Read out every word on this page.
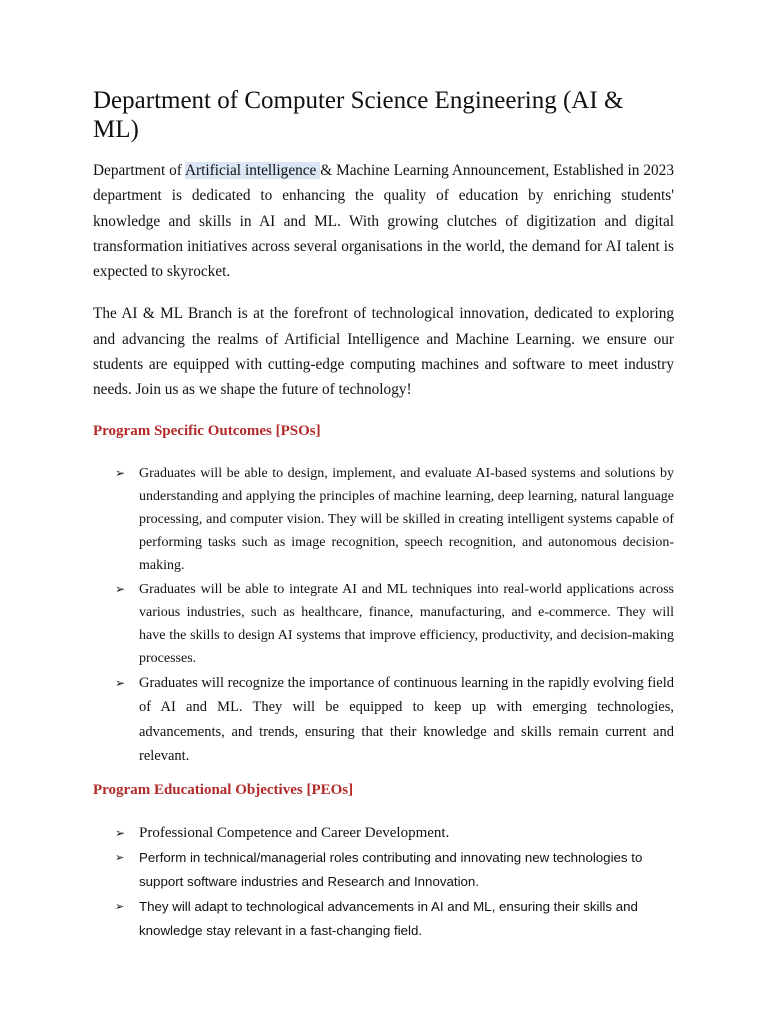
Department of Computer Science Engineering (AI & ML)

Department of Artificial intelligence & Machine Learning Announcement, Established in 2023 department is dedicated to enhancing the quality of education by enriching students' knowledge and skills in AI and ML. With growing clutches of digitization and digital transformation initiatives across several organisations in the world, the demand for AI talent is expected to skyrocket.

The AI & ML Branch is at the forefront of technological innovation, dedicated to exploring and advancing the realms of Artificial Intelligence and Machine Learning. we ensure our students are equipped with cutting-edge computing machines and software to meet industry needs. Join us as we shape the future of technology!

Program Specific Outcomes [PSOs]
➢ Graduates will be able to design, implement, and evaluate AI-based systems and solutions by understanding and applying the principles of machine learning, deep learning, natural language processing, and computer vision. They will be skilled in creating intelligent systems capable of performing tasks such as image recognition, speech recognition, and autonomous decision-making.
➢ Graduates will be able to integrate AI and ML techniques into real-world applications across various industries, such as healthcare, finance, manufacturing, and e-commerce. They will have the skills to design AI systems that improve efficiency, productivity, and decision-making processes.
➢ Graduates will recognize the importance of continuous learning in the rapidly evolving field of AI and ML. They will be equipped to keep up with emerging technologies, advancements, and trends, ensuring that their knowledge and skills remain current and relevant.
Program Educational Objectives [PEOs]
➢ Professional Competence and Career Development.
➢ Perform in technical/managerial roles contributing and innovating new technologies to support software industries and Research and Innovation.
➢ They will adapt to technological advancements in AI and ML, ensuring their skills and knowledge stay relevant in a fast-changing field.
